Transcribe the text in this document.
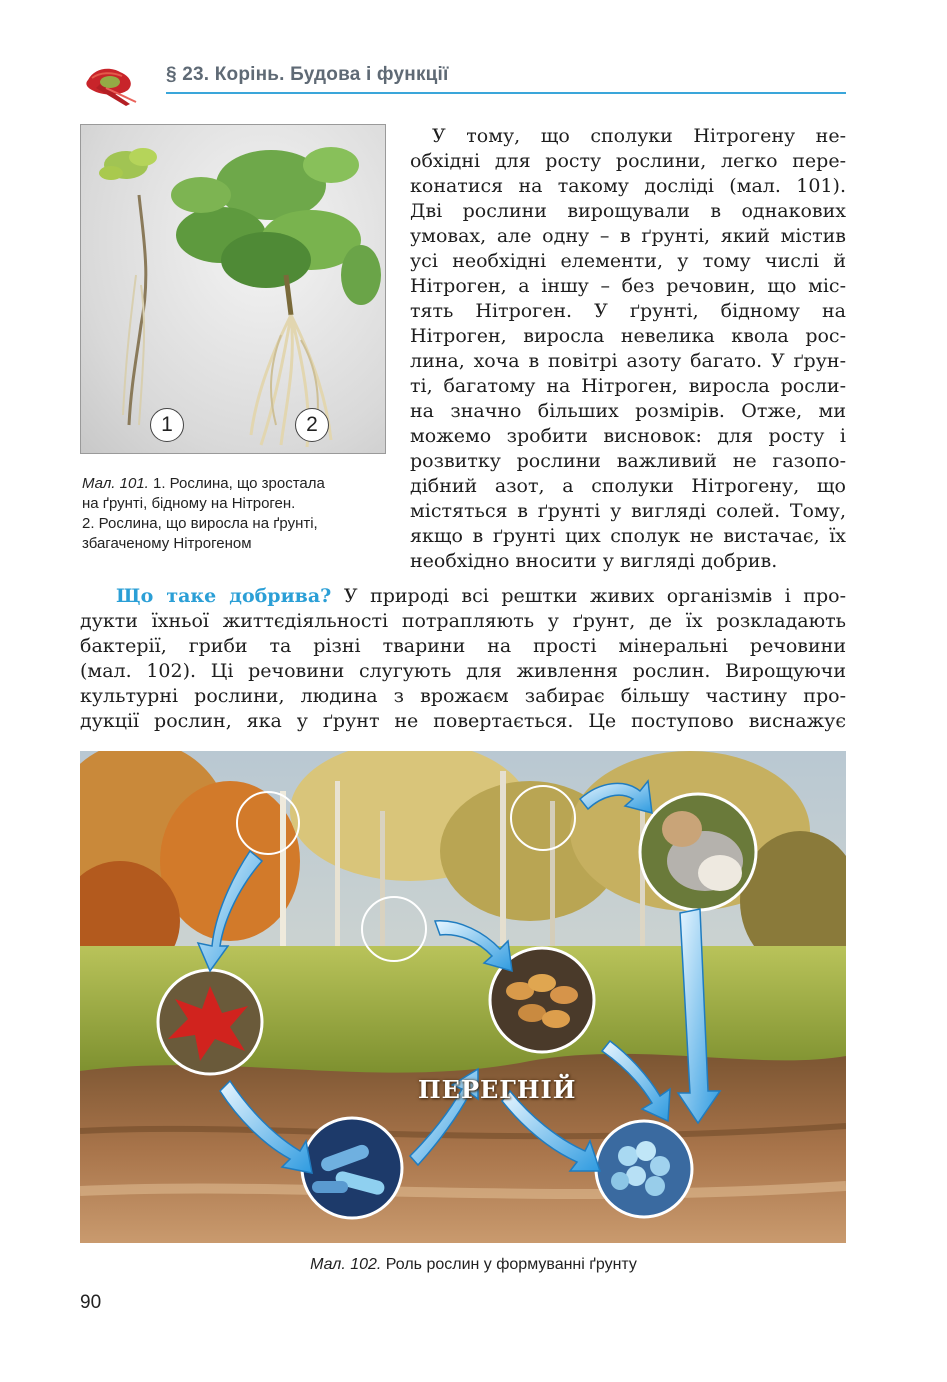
§ 23. Корінь. Будова і функції
1	2
Мал. 101. 1. Рослина, що зростала
на ґрунті, бідному на Нітроген.
2. Рослина, що виросла на ґрунті,
збагаченому Нітрогеном
У тому, що сполуки Нітрогену не-
обхідні для росту рослини, легко пере-
конатися на такому досліді (мал. 101).
Дві рослини вирощували в однакових
умовах, але одну – в ґрунті, який містив
усі необхідні елементи, у тому числі й
Нітроген, а іншу – без речовин, що міс-
тять Нітроген. У ґрунті, бідному на
Нітроген, виросла невелика квола рос-
лина, хоча в повітрі азоту багато. У ґрун-
ті, багатому на Нітроген, виросла росли-
на значно більших розмірів. Отже, ми
можемо зробити висновок: для росту і
розвитку рослини важливий не газопо-
дібний азот, а сполуки Нітрогену, що
містяться в ґрунті у вигляді солей. Тому,
якщо в ґрунті цих сполук не вистачає, їх
необхідно вносити у вигляді добрив.
Що таке добрива? У природі всі рештки живих організмів і про-
дукти їхньої життєдіяльності потрапляють у ґрунт, де їх розкладають
бактерії, гриби та різні тварини на прості мінеральні речовини
(мал. 102). Ці речовини слугують для живлення рослин. Вирощуючи
культурні рослини, людина з врожаєм забирає більшу частину про-
дукції рослин, яка у ґрунт не повертається. Це поступово виснажує
ПЕРЕГНІЙ
Мал. 102. Роль рослин у формуванні ґрунту
90
